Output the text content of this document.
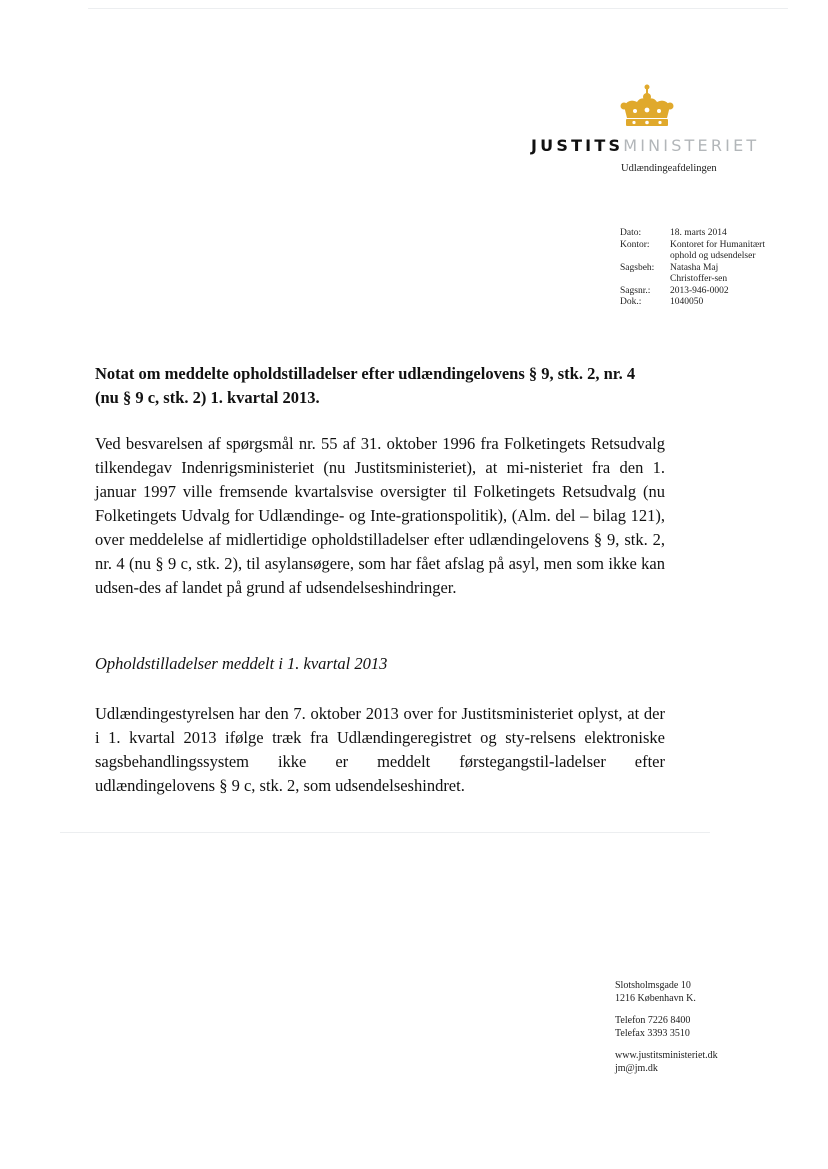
JUSTITSMINISTERIET
Udlændingeafdelingen
Dato:	18. marts 2014
Kontor:	Kontoret for Humanitært ophold og udsendelser
Sagsbeh:	Natasha Maj Christoffer-sen
Sagsnr.:	2013-946-0002
Dok.:	1040050

Notat om meddelte opholdstilladelser efter udlændingelovens § 9, stk. 2, nr. 4 (nu § 9 c, stk. 2) 1. kvartal 2013.

Ved besvarelsen af spørgsmål nr. 55 af 31. oktober 1996 fra Folketingets Retsudvalg tilkendegav Indenrigsministeriet (nu Justitsministeriet), at mi-nisteriet fra den 1. januar 1997 ville fremsende kvartalsvise oversigter til Folketingets Retsudvalg (nu Folketingets Udvalg for Udlændinge- og Inte-grationspolitik), (Alm. del – bilag 121), over meddelelse af midlertidige opholdstilladelser efter udlændingelovens § 9, stk. 2, nr. 4 (nu § 9 c, stk. 2), til asylansøgere, som har fået afslag på asyl, men som ikke kan udsen-des af landet på grund af udsendelseshindringer.

Opholdstilladelser meddelt i 1. kvartal 2013

Udlændingestyrelsen har den 7. oktober 2013 over for Justitsministeriet oplyst, at der i 1. kvartal 2013 ifølge træk fra Udlændingeregistret og sty-relsens elektroniske sagsbehandlingssystem ikke er meddelt førstegangstil-ladelser efter udlændingelovens § 9 c, stk. 2, som udsendelseshindret.

Slotsholmsgade 10

1216 København K.

Telefon 7226 8400

Telefax 3393 3510

www.justitsministeriet.dk

jm@jm.dk
